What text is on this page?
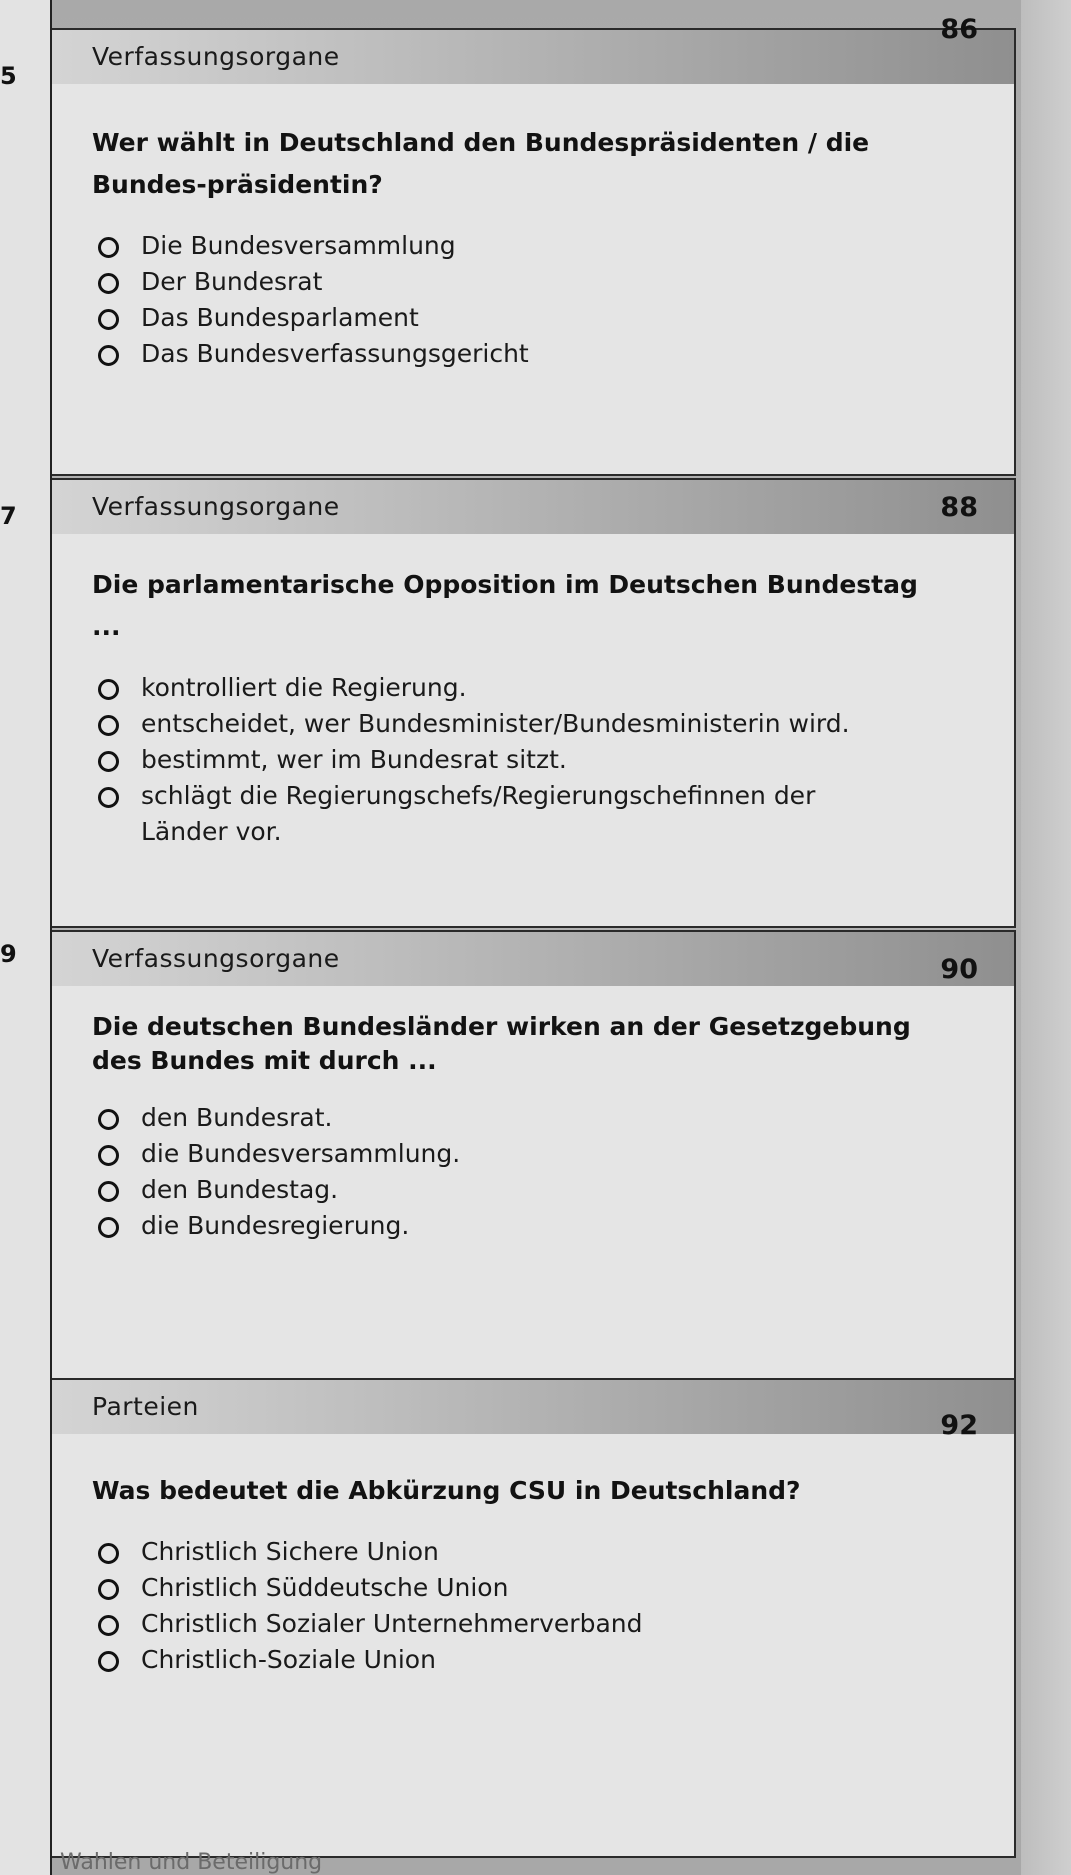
5
Verfassungsorgane
86
Wer wählt in Deutschland den Bundespräsidenten / die Bundes-präsidentin?
Die Bundesversammlung
Der Bundesrat
Das Bundesparlament
Das Bundesverfassungsgericht
7	Verfassungsorgane	88
Die parlamentarische Opposition im Deutschen Bundestag ...
kontrolliert die Regierung.
entscheidet, wer Bundesminister/Bundesministerin wird.
bestimmt, wer im Bundesrat sitzt.
schlägt die Regierungschefs/Regierungschefinnen der Länder vor.
9	Verfassungsorgane	90
Die deutschen Bundesländer wirken an der Gesetzgebung des Bundes mit durch ...
den Bundesrat.
die Bundesversammlung.
den Bundestag.
die Bundesregierung.
Parteien
92
Was bedeutet die Abkürzung CSU in Deutschland?
Christlich Sichere Union
Christlich Süddeutsche Union
Christlich Sozialer Unternehmerverband
Christlich-Soziale Union
Wahlen und Beteiligung
